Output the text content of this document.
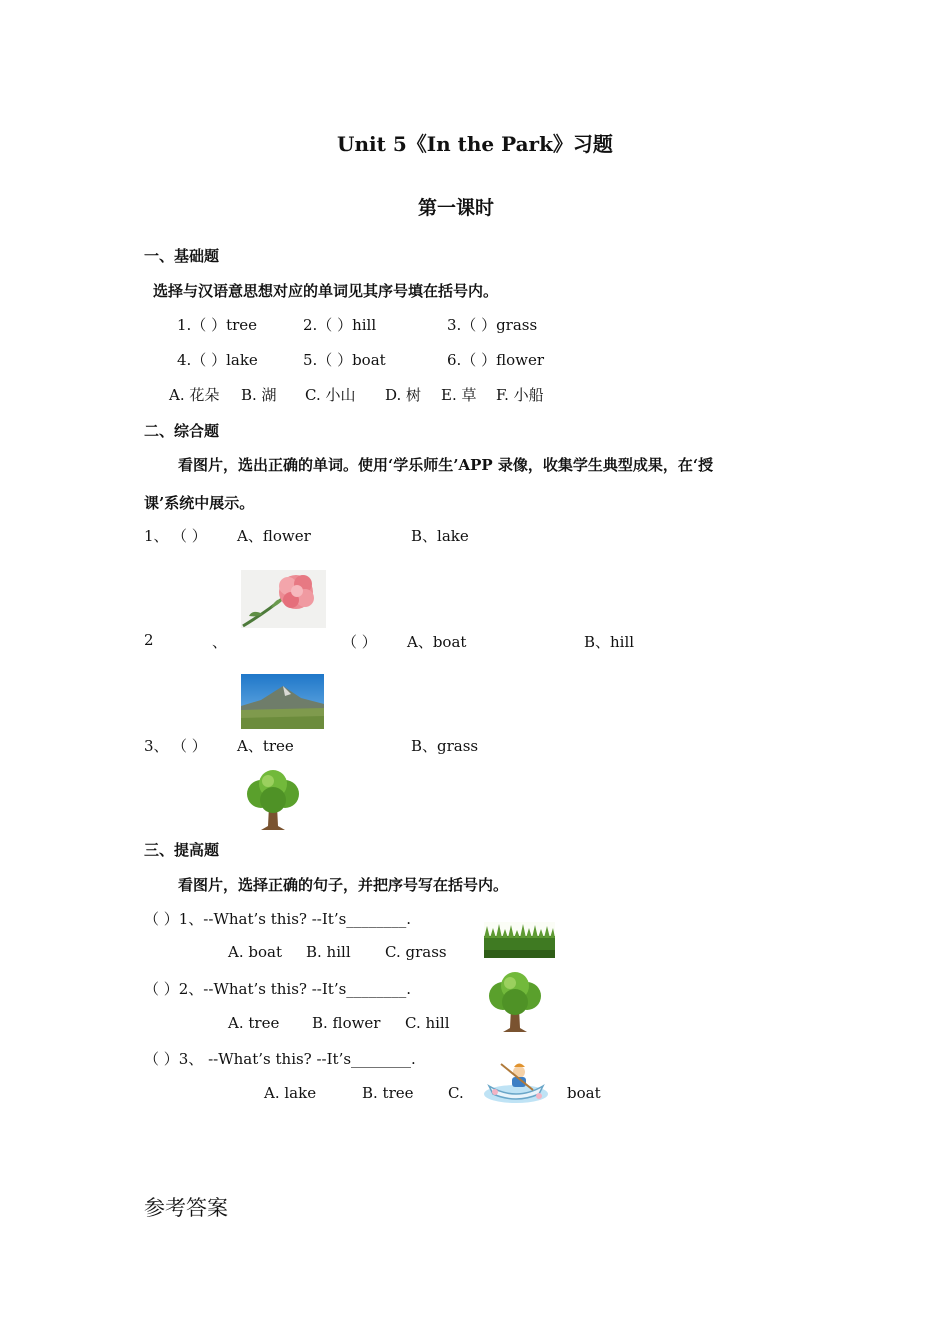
Unit 5《In the Park》习题
第一课时
一、基础题
选择与汉语意思想对应的单词见其序号填在括号内。
1.（ ）tree	2.（ ）hill	3.（ ）grass
4.（ ）lake	5.（ ）boat	6.（ ）flower
A. 花朵 B. 湖 C. 小山 D. 树 E. 草 F. 小船
二、综合题
看图片，选出正确的单词。使用‘学乐师生’APP 录像，收集学生典型成果，在‘授
课’系统中展示。
1、 （ ） A、flower	B、lake
2	、	（ ） A、boat	B、hill
3、 （ ） A、tree	B、grass
三、提高题
看图片，选择正确的句子，并把序号写在括号内。
（ ）1、--What’s this? --It’s________.
A. boat B. hill C. grass
（ ）2、--What’s this? --It’s________.
A. tree B. flower C. hill
（ ）3、 --What’s this? --It’s________.
A. lake	B. tree C.	boat
参考答案
